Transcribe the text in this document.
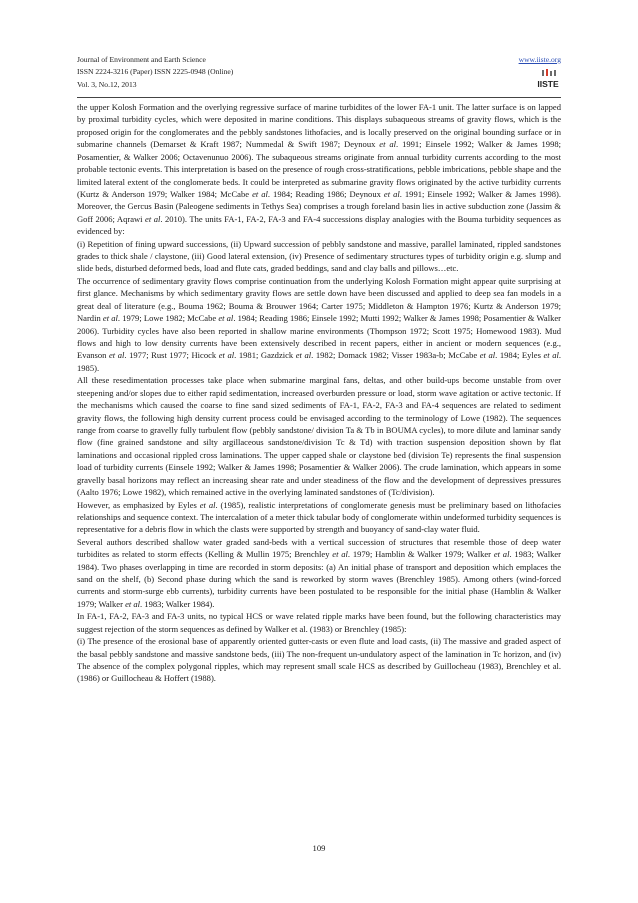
Journal of Environment and Earth Science
ISSN 2224-3216 (Paper) ISSN 2225-0948 (Online)
Vol. 3, No.12, 2013
www.iiste.org
IISTE

the upper Kolosh Formation and the overlying regressive surface of marine turbidites of the lower FA-1 unit. The latter surface is on lapped by proximal turbidity cycles, which were deposited in marine conditions. This displays subaqueous streams of gravity flows, which is the proposed origin for the conglomerates and the pebbly sandstones lithofacies, and is locally preserved on the original bounding surface or in submarine channels (Demarset & Kraft 1987; Nummedal & Swift 1987; Deynoux et al. 1991; Einsele 1992; Walker & James 1998; Posamentier, & Walker 2006; Octavenunuo 2006). The subaqueous streams originate from annual turbidity currents according to the most probable tectonic events. This interpretation is based on the presence of rough cross-stratifications, pebble imbrications, pebble shape and the limited lateral extent of the conglomerate beds. It could be interpreted as submarine gravity flows originated by the active turbidity currents (Kurtz & Anderson 1979; Walker 1984; McCabe et al. 1984; Reading 1986; Deynoux et al. 1991; Einsele 1992; Walker & James 1998). Moreover, the Gercus Basin (Paleogene sediments in Tethys Sea) comprises a trough foreland basin lies in active subduction zone (Jassim & Goff 2006; Aqrawi et al. 2010). The units FA-1, FA-2, FA-3 and FA-4 successions display analogies with the Bouma turbidity sequences as evidenced by:

(i) Repetition of fining upward successions, (ii) Upward succession of pebbly sandstone and massive, parallel laminated, rippled sandstones grades to thick shale / claystone, (iii) Good lateral extension, (iv) Presence of sedimentary structures types of turbidity origin e.g. slump and slide beds, disturbed deformed beds, load and flute cats, graded beddings, sand and clay balls and pillows…etc.

The occurrence of sedimentary gravity flows comprise continuation from the underlying Kolosh Formation might appear quite surprising at first glance. Mechanisms by which sedimentary gravity flows are settle down have been discussed and applied to deep sea fan models in a great deal of literature (e.g., Bouma 1962; Bouma & Brouwer 1964; Carter 1975; Middleton & Hampton 1976; Kurtz & Anderson 1979; Nardin et al. 1979; Lowe 1982; McCabe et al. 1984; Reading 1986; Einsele 1992; Mutti 1992; Walker & James 1998; Posamentier & Walker 2006). Turbidity cycles have also been reported in shallow marine environments (Thompson 1972; Scott 1975; Homewood 1983). Mud flows and high to low density currents have been extensively described in recent papers, either in ancient or modern sequences (e.g., Evanson et al. 1977; Rust 1977; Hicock et al. 1981; Gazdzick et al. 1982; Domack 1982; Visser 1983a-b; McCabe et al. 1984; Eyles et al. 1985).

All these resedimentation processes take place when submarine marginal fans, deltas, and other build-ups become unstable from over steepening and/or slopes due to either rapid sedimentation, increased overburden pressure or load, storm wave agitation or active tectonic. If the mechanisms which caused the coarse to fine sand sized sediments of FA-1, FA-2, FA-3 and FA-4 sequences are related to sediment gravity flows, the following high density current process could be envisaged according to the terminology of Lowe (1982). The sequences range from coarse to gravelly fully turbulent flow (pebbly sandstone/ division Ta & Tb in BOUMA cycles), to more dilute and laminar sandy flow (fine grained sandstone and silty argillaceous sandstone/division Tc & Td) with traction suspension deposition shown by flat laminations and occasional rippled cross laminations. The upper capped shale or claystone bed (division Te) represents the final suspension load of turbidity currents (Einsele 1992; Walker & James 1998; Posamentier & Walker 2006). The crude lamination, which appears in some gravelly basal horizons may reflect an increasing shear rate and under steadiness of the flow and the development of depressives pressures (Aalto 1976; Lowe 1982), which remained active in the overlying laminated sandstones of (Tc/division).

However, as emphasized by Eyles et al. (1985), realistic interpretations of conglomerate genesis must be preliminary based on lithofacies relationships and sequence context. The intercalation of a meter thick tabular body of conglomerate within undeformed turbidity sequences is representative for a debris flow in which the clasts were supported by strength and buoyancy of sand-clay water fluid.

Several authors described shallow water graded sand-beds with a vertical succession of structures that resemble those of deep water turbidites as related to storm effects (Kelling & Mullin 1975; Brenchley et al. 1979; Hamblin & Walker 1979; Walker et al. 1983; Walker 1984). Two phases overlapping in time are recorded in storm deposits: (a) An initial phase of transport and deposition which emplaces the sand on the shelf, (b) Second phase during which the sand is reworked by storm waves (Brenchley 1985). Among others (wind-forced currents and storm-surge ebb currents), turbidity currents have been postulated to be responsible for the initial phase (Hamblin & Walker 1979; Walker et al. 1983; Walker 1984).

In FA-1, FA-2, FA-3 and FA-3 units, no typical HCS or wave related ripple marks have been found, but the following characteristics may suggest rejection of the storm sequences as defined by Walker et al. (1983) or Brenchley (1985):

(i) The presence of the erosional base of apparently oriented gutter-casts or even flute and load casts, (ii) The massive and graded aspect of the basal pebbly sandstone and massive sandstone beds, (iii) The non-frequent un-undulatory aspect of the lamination in Tc horizon, and (iv) The absence of the complex polygonal ripples, which may represent small scale HCS as described by Guillocheau (1983), Brenchley et al. (1986) or Guillocheau & Hoffert (1988).

109
